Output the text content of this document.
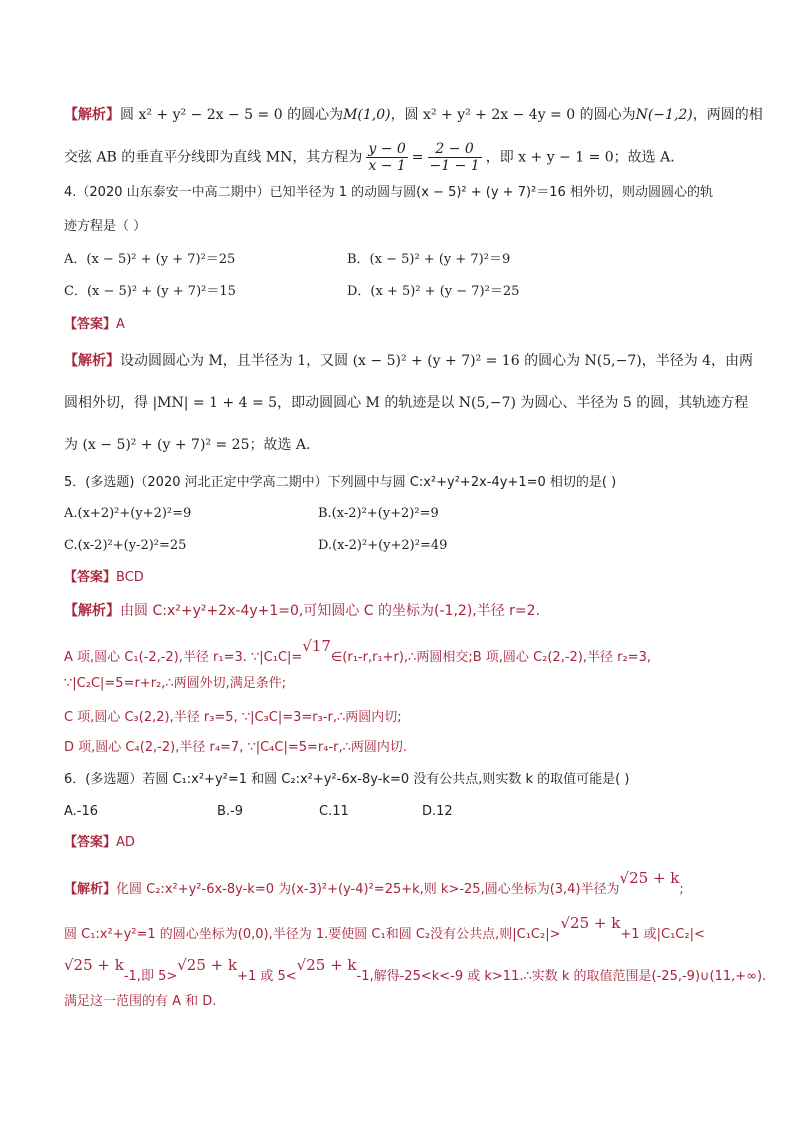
【解析】圆 x² + y² − 2x − 5 = 0 的圆心为M(1,0)，圆 x² + y² + 2x − 4y = 0 的圆心为N(−1,2)，两圆的相
交弦 AB 的垂直平分线即为直线 MN，其方程为 $\frac{y - 0}{x - 1} = \frac{2 - 0}{-1 - 1}$ ，即 x + y − 1 = 0；故选 A.
4.（2020 山东泰安一中高二期中）已知半径为 1 的动圆与圆(x − 5)² + (y + 7)²＝16 相外切，则动圆圆心的轨
迹方程是（ ）
A．(x − 5)² + (y + 7)²＝25	B．(x − 5)² + (y + 7)²＝9
C．(x − 5)² + (y + 7)²＝15	D．(x + 5)² + (y − 7)²＝25
【答案】A
【解析】设动圆圆心为 M，且半径为 1，又圆 (x − 5)² + (y + 7)² = 16 的圆心为 N(5,−7)，半径为 4，由两
圆相外切，得 |MN| = 1 + 4 = 5，即动圆圆心 M 的轨迹是以 N(5,−7) 为圆心、半径为 5 的圆，其轨迹方程
为 (x − 5)² + (y + 7)² = 25；故选 A.
5．(多选题)（2020 河北正定中学高二期中）下列圆中与圆 C:x²+y²+2x-4y+1=0 相切的是( )
A.(x+2)²+(y+2)²=9	B.(x-2)²+(y+2)²=9
C.(x-2)²+(y-2)²=25	D.(x-2)²+(y+2)²=49
【答案】BCD
【解析】由圆 C:x²+y²+2x-4y+1=0,可知圆心 C 的坐标为(-1,2),半径 r=2.
A 项,圆心 C₁(-2,-2),半径 r₁=3. ∵|C₁C|=√17∈(r₁-r,r₁+r),∴两圆相交;B 项,圆心 C₂(2,-2),半径 r₂=3,
∵|C₂C|=5=r+r₂,∴两圆外切,满足条件;
C 项,圆心 C₃(2,2),半径 r₃=5, ∵|C₃C|=3=r₃-r,∴两圆内切;
D 项,圆心 C₄(2,-2),半径 r₄=7, ∵|C₄C|=5=r₄-r,∴两圆内切.
6．(多选题）若圆 C₁:x²+y²=1 和圆 C₂:x²+y²-6x-8y-k=0 没有公共点,则实数 k 的取值可能是( )
A.-16	B.-9	C.11	D.12
【答案】AD
【解析】化圆 C₂:x²+y²-6x-8y-k=0 为(x-3)²+(y-4)²=25+k,则 k>-25,圆心坐标为(3,4)半径为√25 + k;
圆 C₁:x²+y²=1 的圆心坐标为(0,0),半径为 1.要使圆 C₁和圆 C₂没有公共点,则|C₁C₂|>√25 + k+1 或|C₁C₂|<
√25 + k-1,即 5>√25 + k+1 或 5<√25 + k-1,解得-25<k<-9 或 k>11.∴实数 k 的取值范围是(-25,-9)∪(11,+∞).
满足这一范围的有 A 和 D.
